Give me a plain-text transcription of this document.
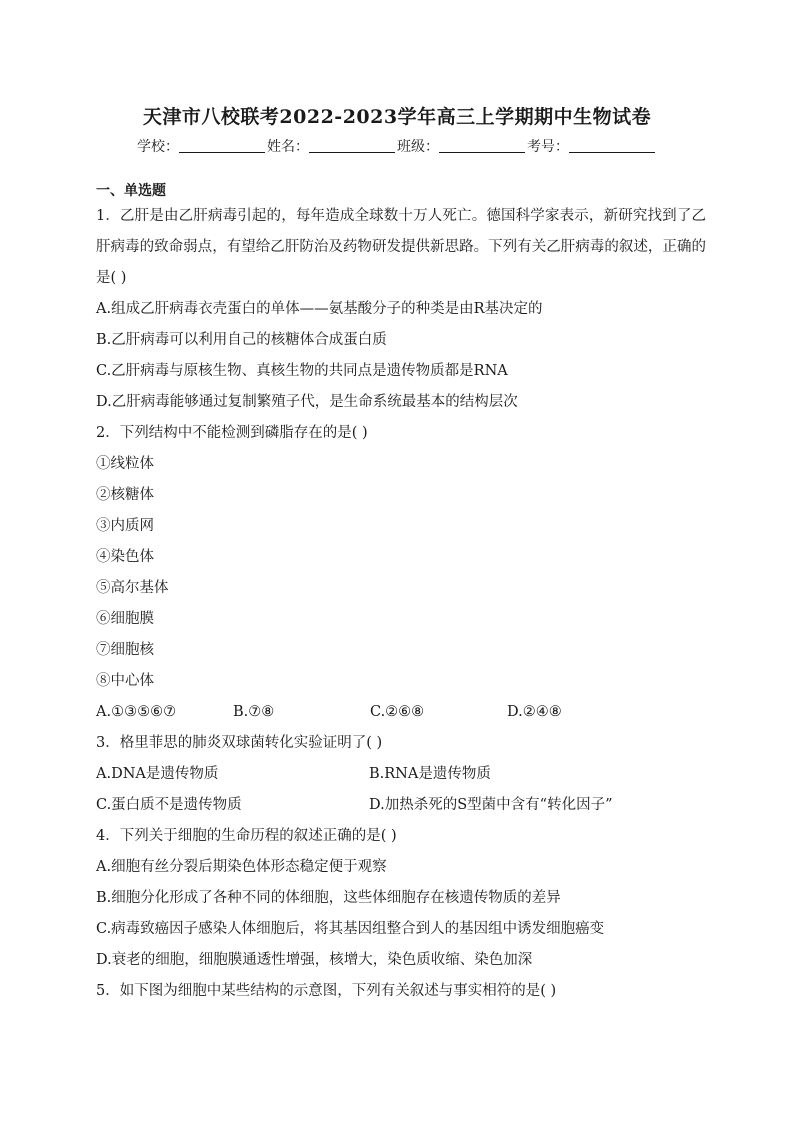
天津市八校联考2022-2023学年高三上学期期中生物试卷
学校：	姓名：	班级：	考号：
一、单选题
1．乙肝是由乙肝病毒引起的，每年造成全球数十万人死亡。德国科学家表示，新研究找到了乙肝病毒的致命弱点，有望给乙肝防治及药物研发提供新思路。下列有关乙肝病毒的叙述，正确的是( )
A.组成乙肝病毒衣壳蛋白的单体——氨基酸分子的种类是由R基决定的
B.乙肝病毒可以利用自己的核糖体合成蛋白质
C.乙肝病毒与原核生物、真核生物的共同点是遗传物质都是RNA
D.乙肝病毒能够通过复制繁殖子代，是生命系统最基本的结构层次
2．下列结构中不能检测到磷脂存在的是( )
①线粒体
②核糖体
③内质网
④染色体
⑤高尔基体
⑥细胞膜
⑦细胞核
⑧中心体
A.①③⑤⑥⑦	B.⑦⑧	C.②⑥⑧	D.②④⑧
3．格里菲思的肺炎双球菌转化实验证明了( )
A.DNA是遗传物质	B.RNA是遗传物质
C.蛋白质不是遗传物质	D.加热杀死的S型菌中含有“转化因子”
4．下列关于细胞的生命历程的叙述正确的是( )
A.细胞有丝分裂后期染色体形态稳定便于观察
B.细胞分化形成了各种不同的体细胞，这些体细胞存在核遗传物质的差异
C.病毒致癌因子感染人体细胞后，将其基因组整合到人的基因组中诱发细胞癌变
D.衰老的细胞，细胞膜通透性增强，核增大，染色质收缩、染色加深
5．如下图为细胞中某些结构的示意图，下列有关叙述与事实相符的是( )
